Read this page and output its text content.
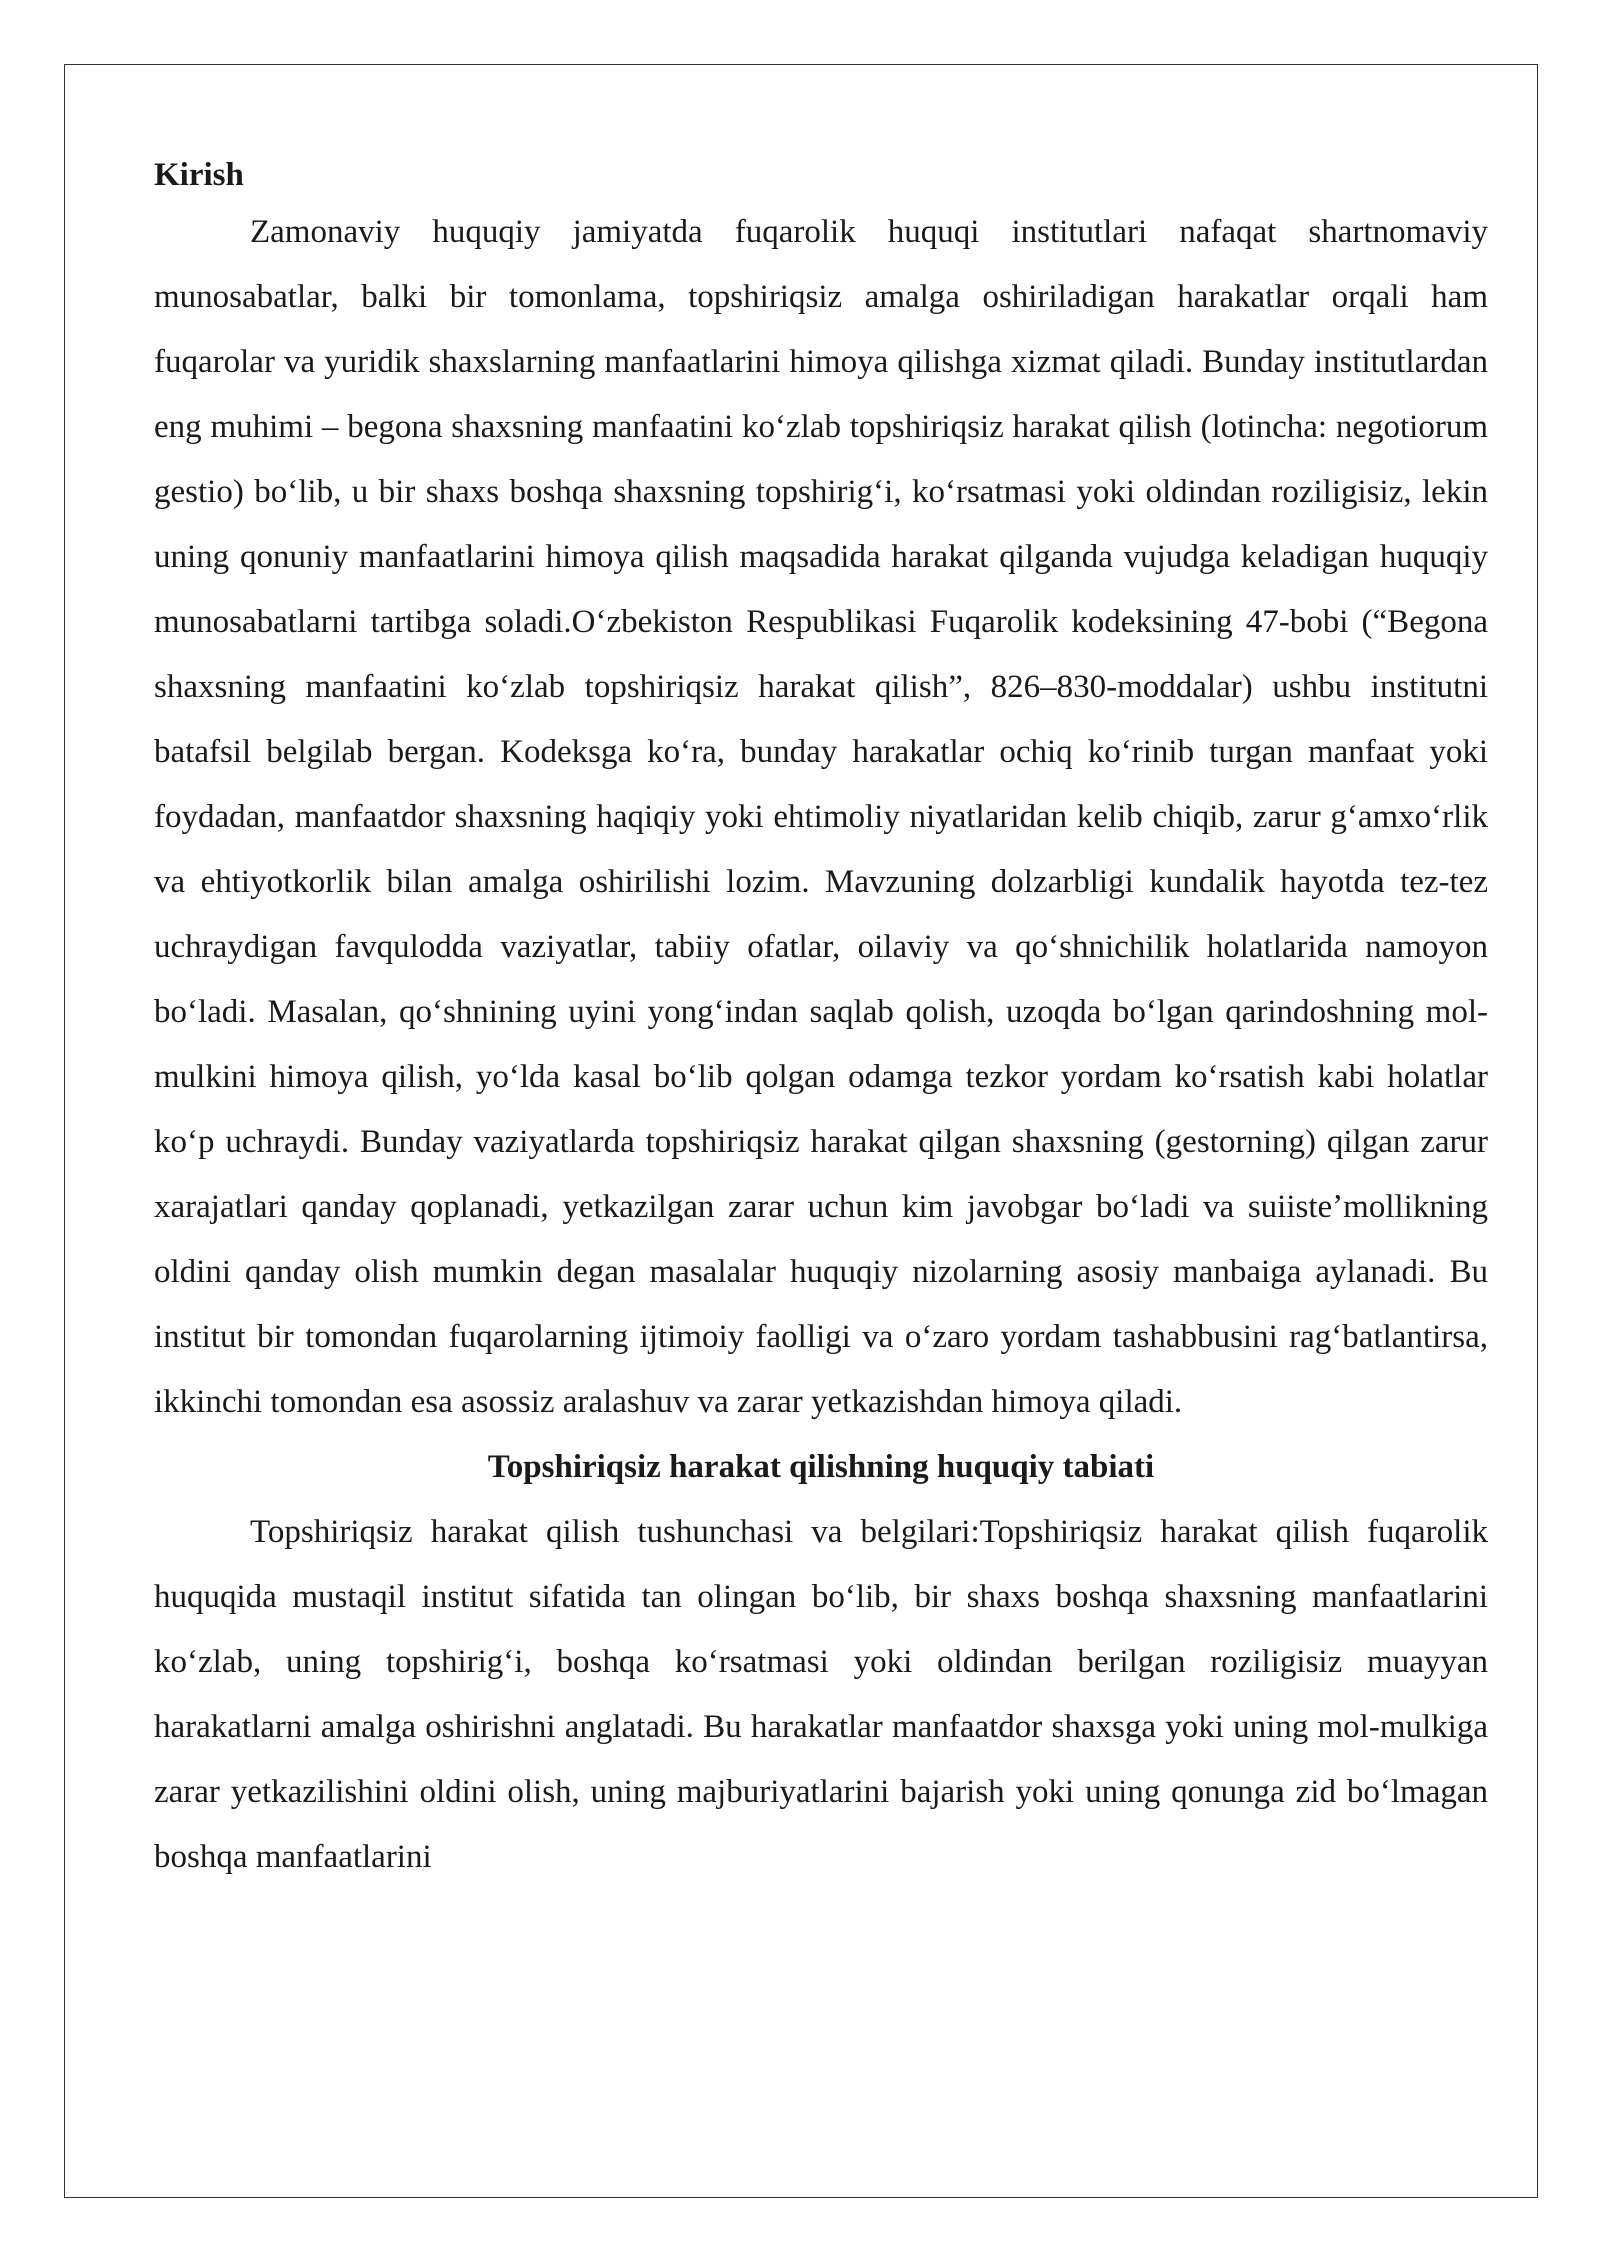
Kirish

Zamonaviy huquqiy jamiyatda fuqarolik huquqi institutlari nafaqat shartnomaviy munosabatlar, balki bir tomonlama, topshiriqsiz amalga oshiriladigan harakatlar orqali ham fuqarolar va yuridik shaxslarning manfaatlarini himoya qilishga xizmat qiladi. Bunday institutlardan eng muhimi – begona shaxsning manfaatini koʻzlab topshiriqsiz harakat qilish (lotincha: negotiorum gestio) boʻlib, u bir shaxs boshqa shaxsning topshirigʻi, koʻrsatmasi yoki oldindan roziligisiz, lekin uning qonuniy manfaatlarini himoya qilish maqsadida harakat qilganda vujudga keladigan huquqiy munosabatlarni tartibga soladi.Oʻzbekiston Respublikasi Fuqarolik kodeksining 47-bobi (“Begona shaxsning manfaatini koʻzlab topshiriqsiz harakat qilish”, 826–830-moddalar) ushbu institutni batafsil belgilab bergan. Kodeksga koʻra, bunday harakatlar ochiq koʻrinib turgan manfaat yoki foydadan, manfaatdor shaxsning haqiqiy yoki ehtimoliy niyatlaridan kelib chiqib, zarur gʻamxoʻrlik va ehtiyotkorlik bilan amalga oshirilishi lozim. Mavzuning dolzarbligi kundalik hayotda tez-tez uchraydigan favqulodda vaziyatlar, tabiiy ofatlar, oilaviy va qoʻshnichilik holatlarida namoyon boʻladi. Masalan, qoʻshnining uyini yongʻindan saqlab qolish, uzoqda boʻlgan qarindoshning mol-mulkini himoya qilish, yoʻlda kasal boʻlib qolgan odamga tezkor yordam koʻrsatish kabi holatlar koʻp uchraydi. Bunday vaziyatlarda topshiriqsiz harakat qilgan shaxsning (gestorning) qilgan zarur xarajatlari qanday qoplanadi, yetkazilgan zarar uchun kim javobgar boʻladi va suiisteʼmollikning oldini qanday olish mumkin degan masalalar huquqiy nizolarning asosiy manbaiga aylanadi. Bu institut bir tomondan fuqarolarning ijtimoiy faolligi va oʻzaro yordam tashabbusini ragʻbatlantirsa, ikkinchi tomondan esa asossiz aralashuv va zarar yetkazishdan himoya qiladi.

Topshiriqsiz harakat qilishning huquqiy tabiati

Topshiriqsiz harakat qilish tushunchasi va belgilari:Topshiriqsiz harakat qilish fuqarolik huquqida mustaqil institut sifatida tan olingan boʻlib, bir shaxs boshqa shaxsning manfaatlarini koʻzlab, uning topshirigʻi, boshqa koʻrsatmasi yoki oldindan berilgan roziligisiz muayyan harakatlarni amalga oshirishni anglatadi. Bu harakatlar manfaatdor shaxsga yoki uning mol-mulkiga zarar yetkazilishini oldini olish, uning majburiyatlarini bajarish yoki uning qonunga zid boʻlmagan boshqa manfaatlarini
